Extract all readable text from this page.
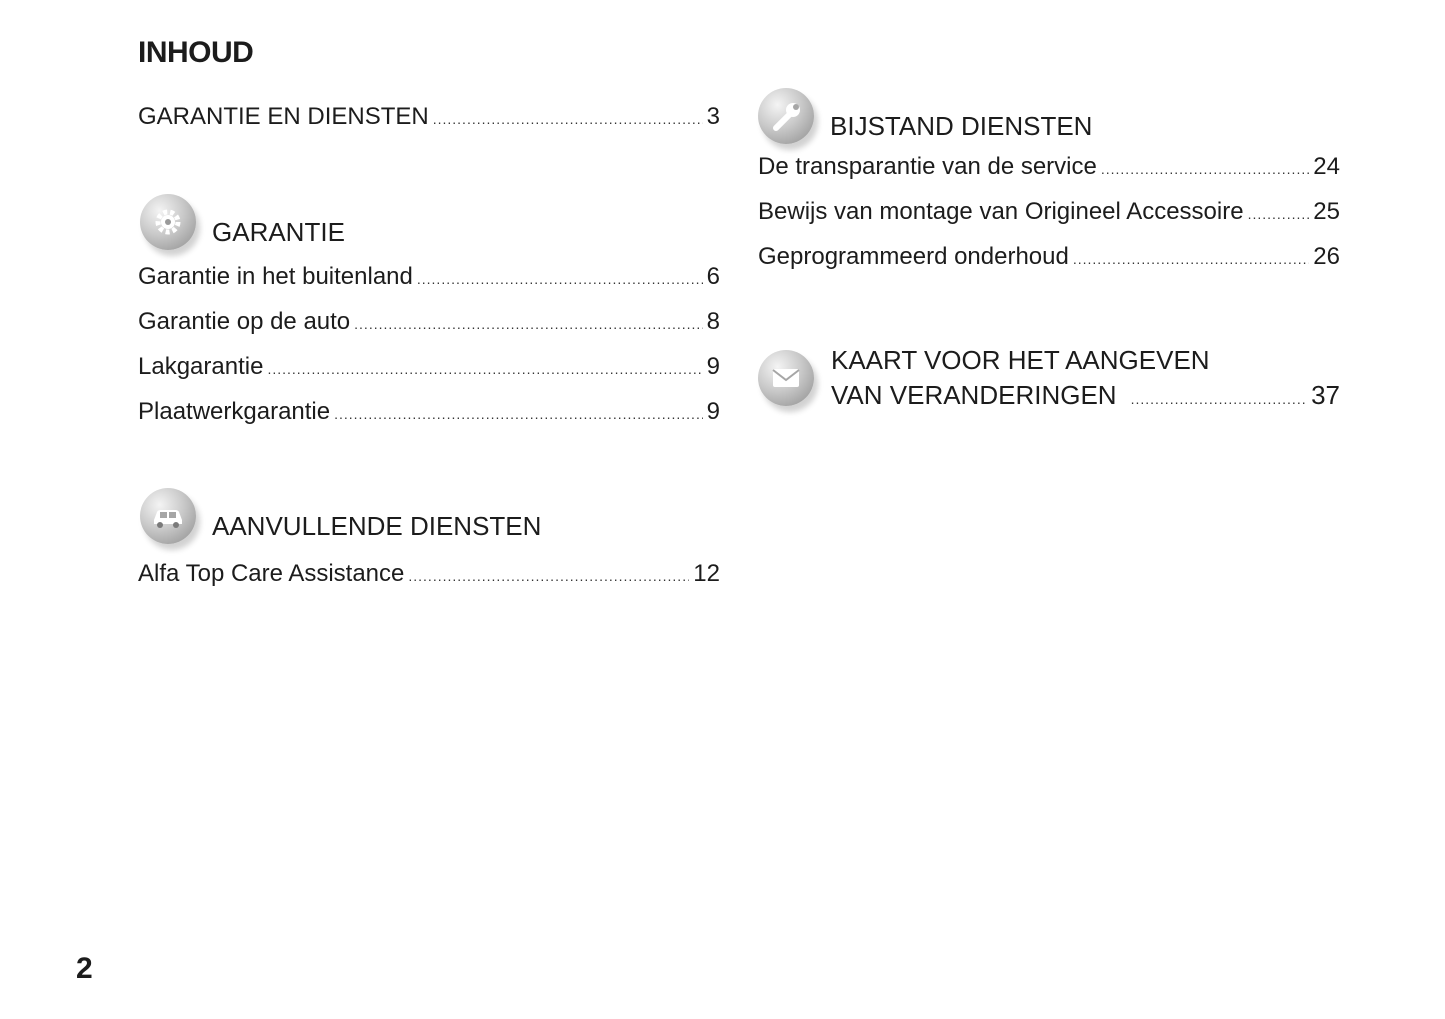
INHOUD
GARANTIE EN DIENSTEN .....	3
GARANTIE
Garantie in het buitenland .....	6
Garantie op de auto .....	8
Lakgarantie .....	9
Plaatwerkgarantie .....	9
AANVULLENDE DIENSTEN
Alfa Top Care Assistance .....	12
BIJSTAND DIENSTEN
De transparantie van de service .....	24
Bewijs van montage van Origineel Accessoire .....	25
Geprogrammeerd onderhoud .....	26
KAART VOOR HET AANGEVEN
VAN VERANDERINGEN .....	37
2
